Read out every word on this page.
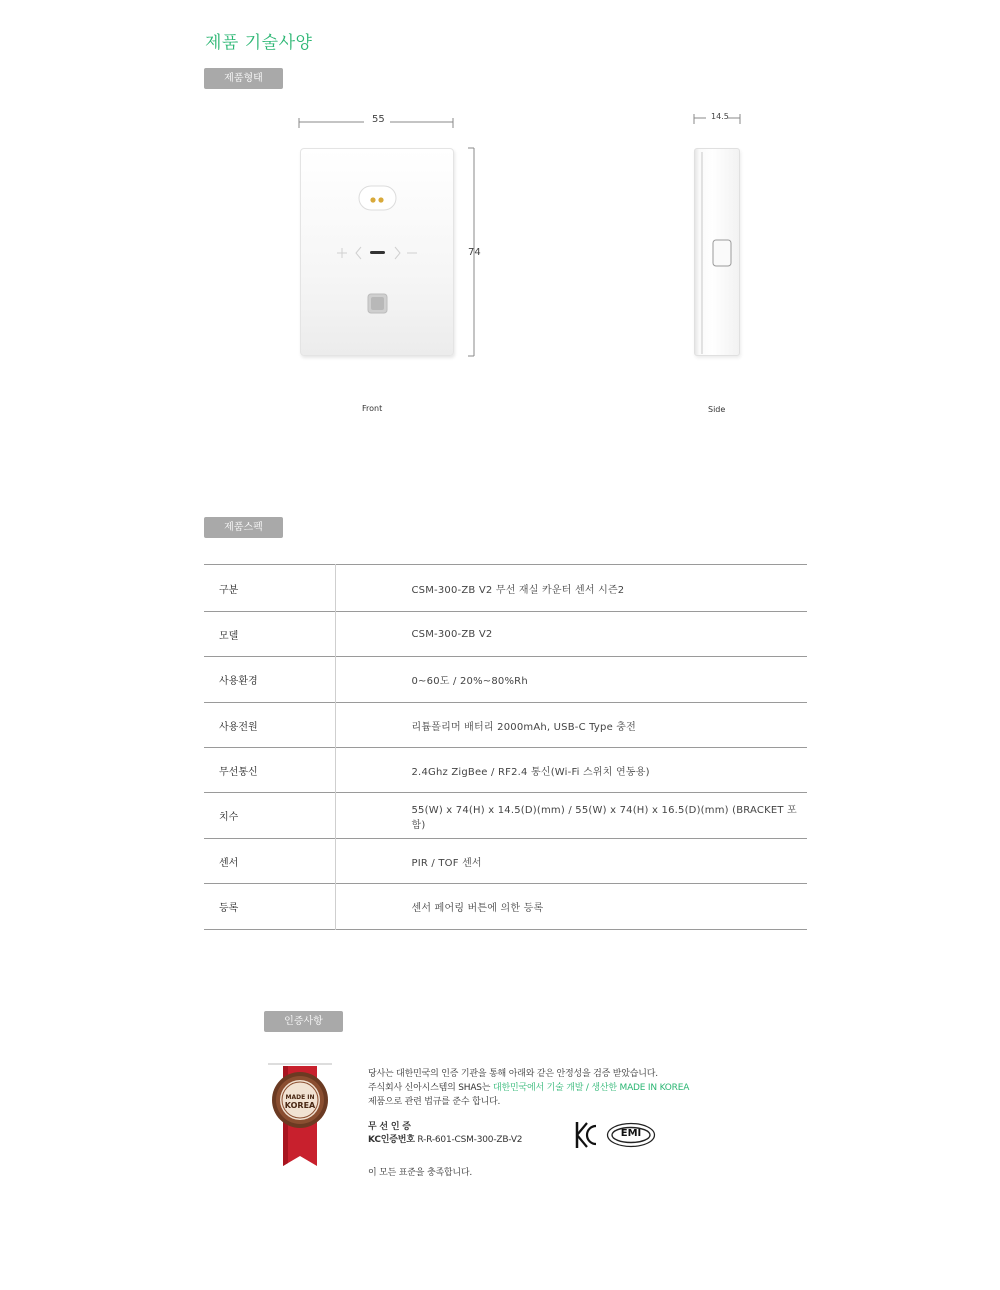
제품 기술사양
제품형태
55
74
Front
14.5
Side
제품스펙
구분	CSM-300-ZB V2 무선 재실 카운터 센서 시즌2
모델	CSM-300-ZB V2
사용환경	0~60도 / 20%~80%Rh
사용전원	리튬폴리머 배터리 2000mAh, USB-C Type 충전
무선통신	2.4Ghz ZigBee / RF2.4 통신(Wi-Fi 스위치 연동용)
치수	55(W) x 74(H) x 14.5(D)(mm) / 55(W) x 74(H) x 16.5(D)(mm) (BRACKET 포함)
센서	PIR / TOF 센서
등록	센서 페어링 버튼에 의한 등록
인증사항
MADE IN
KOREA
당사는 대한민국의 인증 기관을 통해 아래와 같은 안정성을 검증 받았습니다.
주식회사 신아시스템의 SHAS는 대한민국에서 기술 개발 / 생산한 MADE IN KOREA
제품으로 관련 법규를 준수 합니다.
무 선 인 증
KC인증번호 R-R-601-CSM-300-ZB-V2
이 모든 표준을 충족합니다.
EMI
